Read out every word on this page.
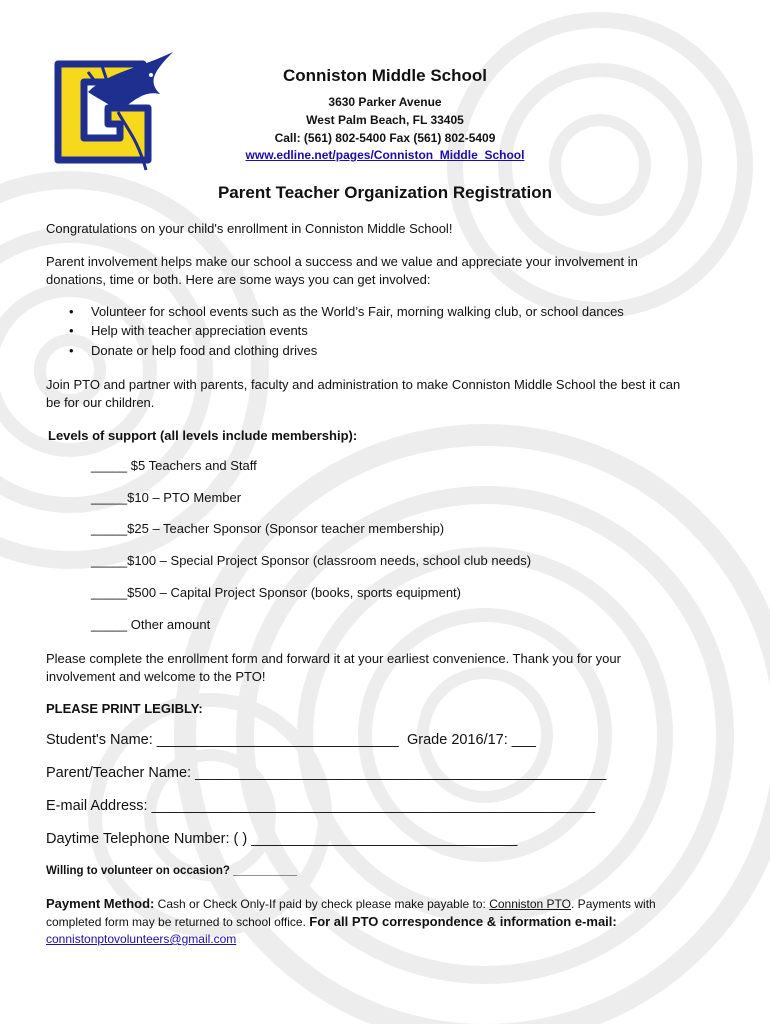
Conniston Middle School
3630 Parker Avenue
West Palm Beach, FL 33405
Call: (561) 802-5400 Fax (561) 802-5409
www.edline.net/pages/Conniston_Middle_School
Parent Teacher Organization Registration
Congratulations on your child's enrollment in Conniston Middle School!
Parent involvement helps make our school a success and we value and appreciate your involvement in
donations, time or both. Here are some ways you can get involved:
• Volunteer for school events such as the World’s Fair, morning walking club, or school dances
• Help with teacher appreciation events
• Donate or help food and clothing drives
Join PTO and partner with parents, faculty and administration to make Conniston Middle School the best it can
be for our children.
Levels of support (all levels include membership):
_____ $5 Teachers and Staff
_____$10 – PTO Member
_____$25 – Teacher Sponsor (Sponsor teacher membership)
_____$100 – Special Project Sponsor (classroom needs, school club needs)
_____$500 – Capital Project Sponsor (books, sports equipment)
_____ Other amount
Please complete the enrollment form and forward it at your earliest convenience. Thank you for your
involvement and welcome to the PTO!
PLEASE PRINT LEGIBLY:
Student's Name: ______________________________ Grade 2016/17: ___
Parent/Teacher Name: ___________________________________________________
E-mail Address: _______________________________________________________
Daytime Telephone Number: ( ) _________________________________
Willing to volunteer on occasion? __________
Payment Method: Cash or Check Only-If paid by check please make payable to: Conniston PTO. Payments with
completed form may be returned to school office. For all PTO correspondence & information e-mail:
connistonptovolunteers@gmail.com
